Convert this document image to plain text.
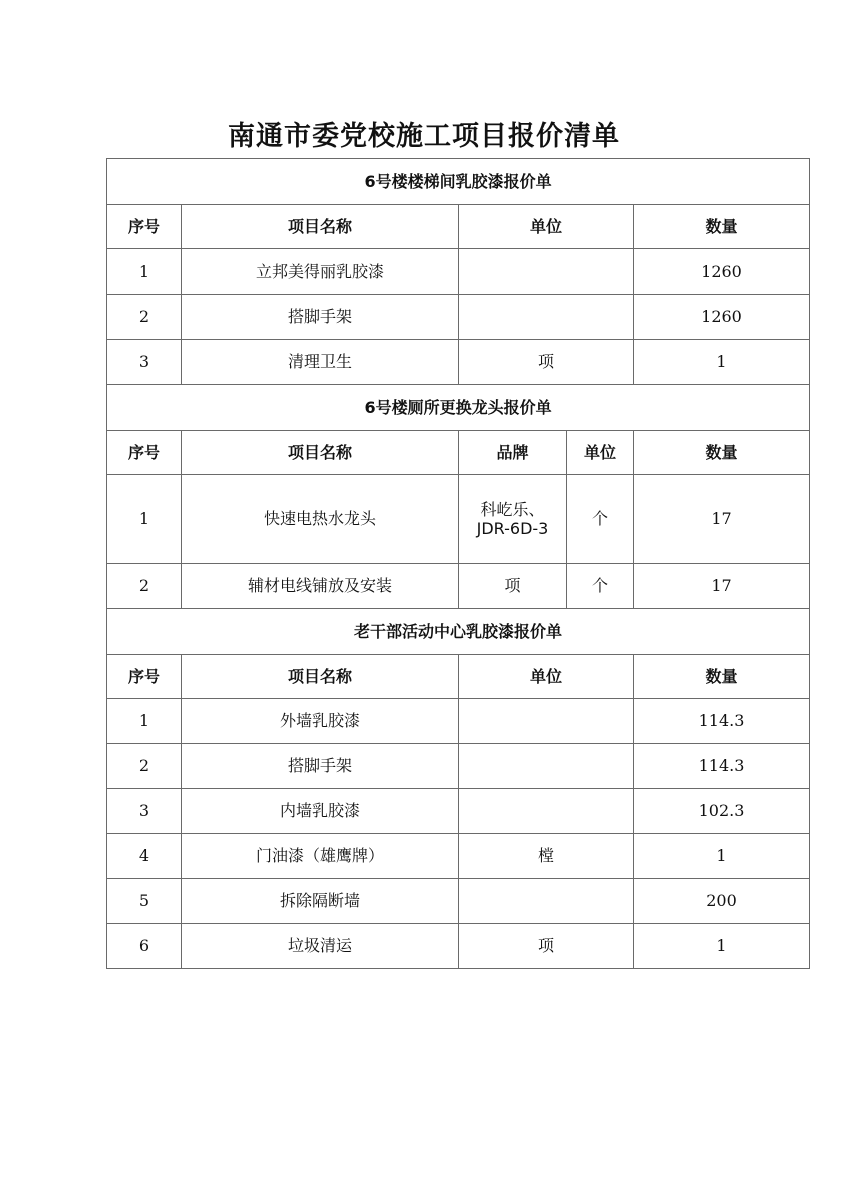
南通市委党校施工项目报价清单
6号楼楼梯间乳胶漆报价单				
序号	项目名称	单位		数量
1	立邦美得丽乳胶漆			1260
2	搭脚手架			1260
3	清理卫生	项		1
6号楼厕所更换龙头报价单				
序号	项目名称	品牌	单位	数量
1	快速电热水龙头	科屹乐、
JDR-6D-3	个	17
2	辅材电线铺放及安装	项	个	17
老干部活动中心乳胶漆报价单				
序号	项目名称	单位		数量
1	外墙乳胶漆			114.3
2	搭脚手架			114.3
3	内墙乳胶漆			102.3
4	门油漆（雄鹰牌）	樘		1
5	拆除隔断墙			200
6	垃圾清运	项		1
